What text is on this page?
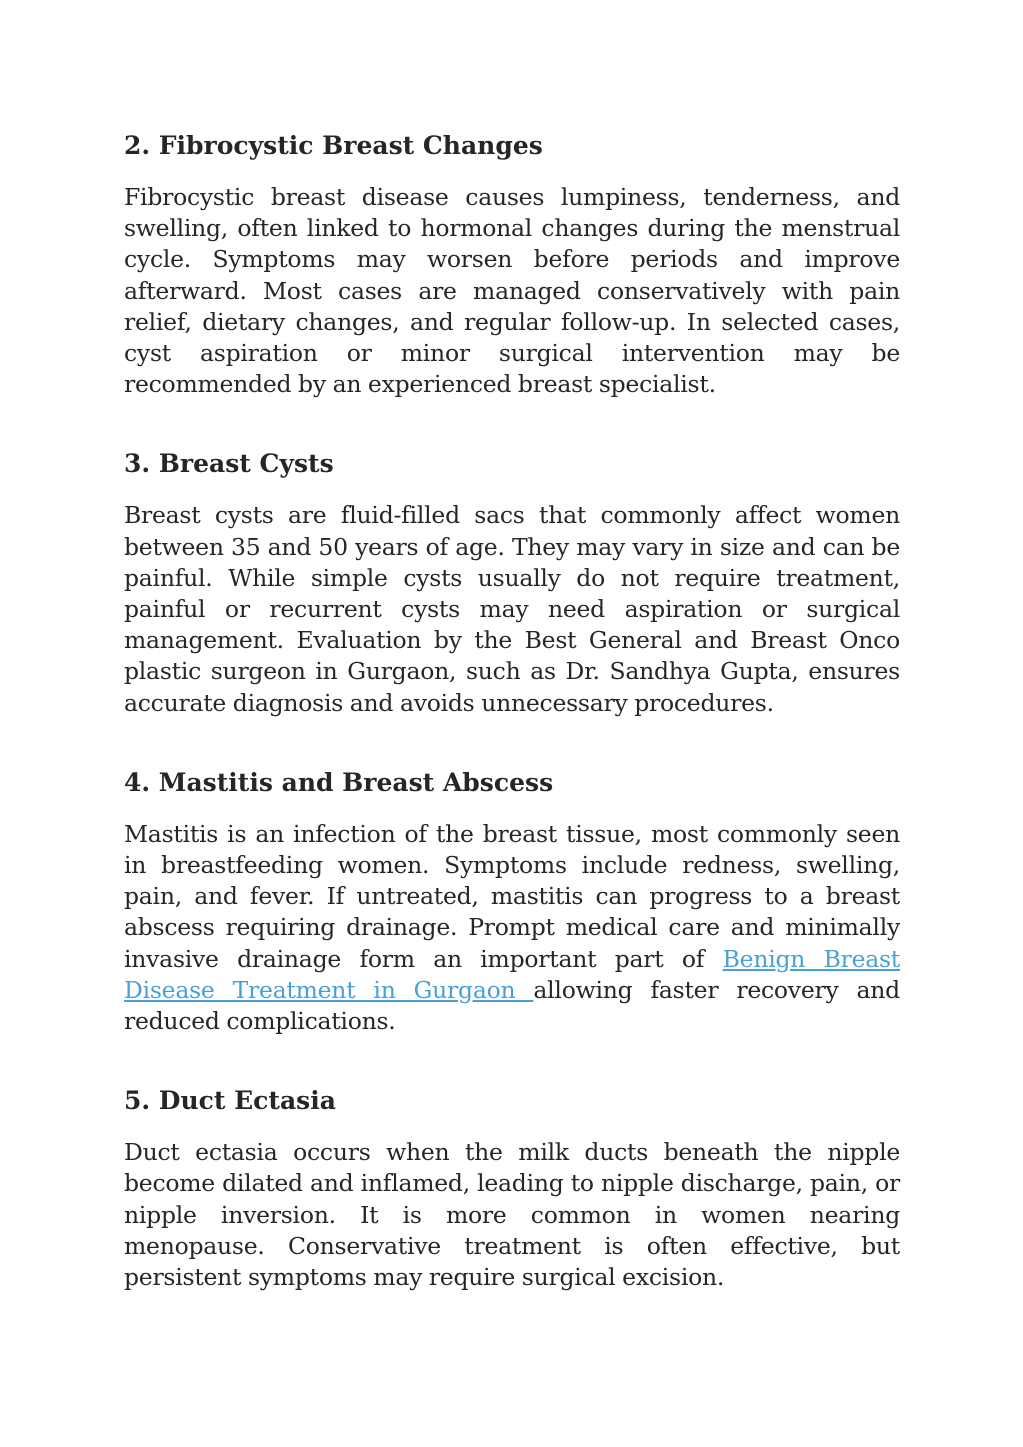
2. Fibrocystic Breast Changes

Fibrocystic breast disease causes lumpiness, tenderness, and swelling, often linked to hormonal changes during the menstrual cycle. Symptoms may worsen before periods and improve afterward. Most cases are managed conservatively with pain relief, dietary changes, and regular follow-up. In selected cases, cyst aspiration or minor surgical intervention may be recommended by an experienced breast specialist.

3. Breast Cysts

Breast cysts are fluid-filled sacs that commonly affect women between 35 and 50 years of age. They may vary in size and can be painful. While simple cysts usually do not require treatment, painful or recurrent cysts may need aspiration or surgical management. Evaluation by the Best General and Breast Onco plastic surgeon in Gurgaon, such as Dr. Sandhya Gupta, ensures accurate diagnosis and avoids unnecessary procedures.

4. Mastitis and Breast Abscess

Mastitis is an infection of the breast tissue, most commonly seen in breastfeeding women. Symptoms include redness, swelling, pain, and fever. If untreated, mastitis can progress to a breast abscess requiring drainage. Prompt medical care and minimally invasive drainage form an important part of Benign Breast Disease Treatment in Gurgaon allowing faster recovery and reduced complications.

5. Duct Ectasia

Duct ectasia occurs when the milk ducts beneath the nipple become dilated and inflamed, leading to nipple discharge, pain, or nipple inversion. It is more common in women nearing menopause. Conservative treatment is often effective, but persistent symptoms may require surgical excision.
